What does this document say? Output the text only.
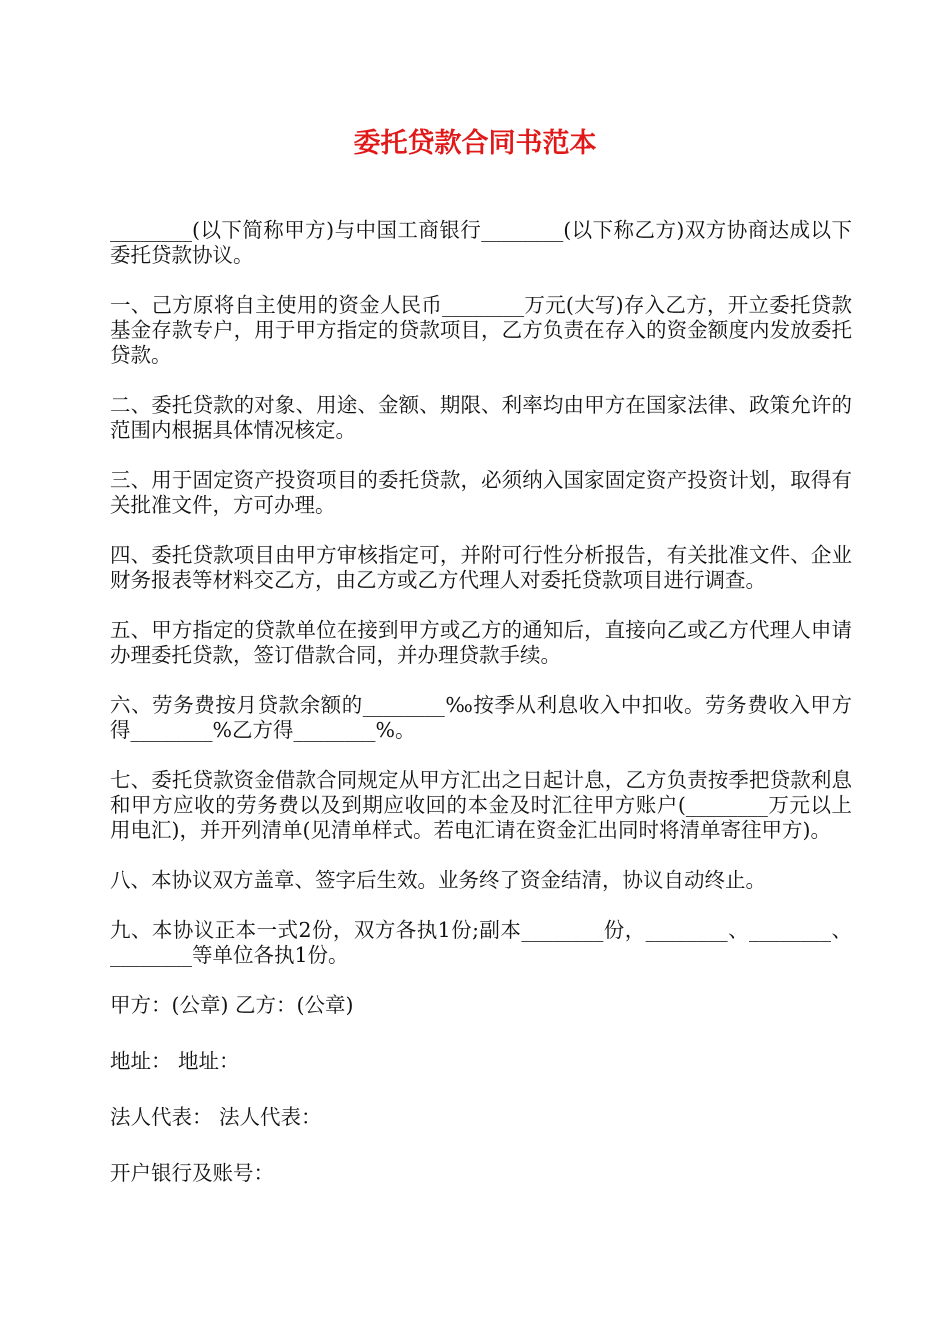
委托贷款合同书范本

________(以下简称甲方)与中国工商银行________(以下称乙方)双方协商达成以下委托贷款协议。

一、己方原将自主使用的资金人民币________万元(大写)存入乙方，开立委托贷款基金存款专户，用于甲方指定的贷款项目，乙方负责在存入的资金额度内发放委托贷款。

二、委托贷款的对象、用途、金额、期限、利率均由甲方在国家法律、政策允许的范围内根据具体情况核定。

三、用于固定资产投资项目的委托贷款，必须纳入国家固定资产投资计划，取得有关批准文件，方可办理。

四、委托贷款项目由甲方审核指定可，并附可行性分析报告，有关批准文件、企业财务报表等材料交乙方，由乙方或乙方代理人对委托贷款项目进行调查。

五、甲方指定的贷款单位在接到甲方或乙方的通知后，直接向乙或乙方代理人申请办理委托贷款，签订借款合同，并办理贷款手续。

六、劳务费按月贷款余额的________‰按季从利息收入中扣收。劳务费收入甲方得________%乙方得________%。

七、委托贷款资金借款合同规定从甲方汇出之日起计息，乙方负责按季把贷款利息和甲方应收的劳务费以及到期应收回的本金及时汇往甲方账户(________万元以上用电汇)，并开列清单(见清单样式。若电汇请在资金汇出同时将清单寄往甲方)。

八、本协议双方盖章、签字后生效。业务终了资金结清，协议自动终止。

九、本协议正本一式2份，双方各执1份;副本________份，________、________、________等单位各执1份。

甲方：(公章) 乙方：(公章)

地址： 地址：

法人代表： 法人代表：

开户银行及账号：
